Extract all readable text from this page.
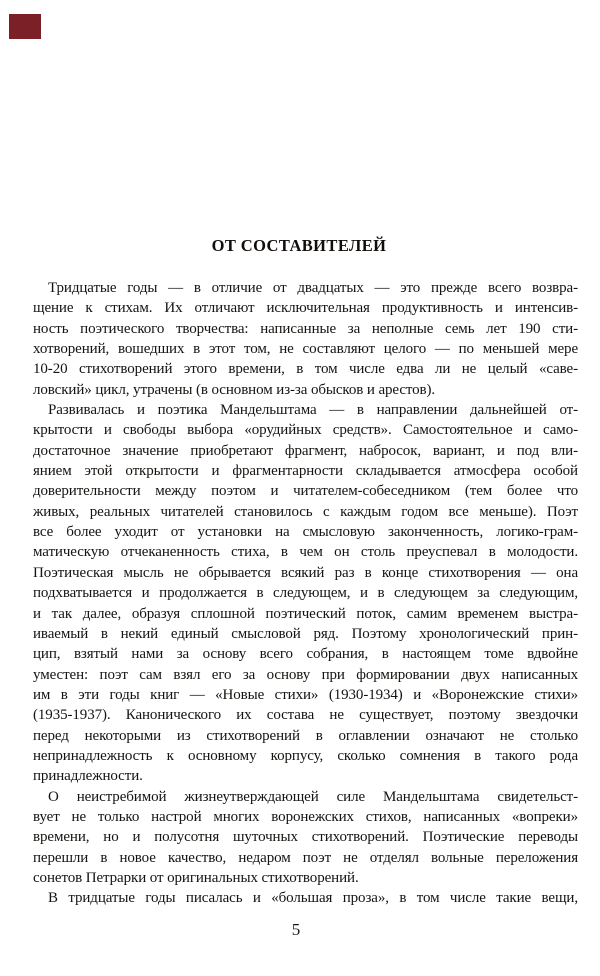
ОТ СОСТАВИТЕЛЕЙ
Тридцатые годы — в отличие от двадцатых — это прежде всего возвра-
щение к стихам. Их отличают исключительная продуктивность и интенсив-
ность поэтического творчества: написанные за неполные семь лет 190 сти-
хотворений, вошедших в этот том, не составляют целого — по меньшей мере
10-20 стихотворений этого времени, в том числе едва ли не целый «саве-
ловский» цикл, утрачены (в основном из-за обысков и арестов).
Развивалась и поэтика Мандельштама — в направлении дальнейшей от-
крытости и свободы выбора «орудийных средств». Самостоятельное и само-
достаточное значение приобретают фрагмент, набросок, вариант, и под вли-
янием этой открытости и фрагментарности складывается атмосфера особой
доверительности между поэтом и читателем-собеседником (тем более что
живых, реальных читателей становилось с каждым годом все меньше). Поэт
все более уходит от установки на смысловую законченность, логико-грам-
матическую отчеканенность стиха, в чем он столь преуспевал в молодости.
Поэтическая мысль не обрывается всякий раз в конце стихотворения — она
подхватывается и продолжается в следующем, и в следующем за следующим,
и так далее, образуя сплошной поэтический поток, самим временем выстра-
иваемый в некий единый смысловой ряд. Поэтому хронологический прин-
цип, взятый нами за основу всего собрания, в настоящем томе вдвойне
уместен: поэт сам взял его за основу при формировании двух написанных
им в эти годы книг — «Новые стихи» (1930-1934) и «Воронежские стихи»
(1935-1937). Канонического их состава не существует, поэтому звездочки
перед некоторыми из стихотворений в оглавлении означают не столько
непринадлежность к основному корпусу, сколько сомнения в такого рода
принадлежности.
О неистребимой жизнеутверждающей силе Мандельштама свидетельст-
вует не только настрой многих воронежских стихов, написанных «вопреки»
времени, но и полусотня шуточных стихотворений. Поэтические переводы
перешли в новое качество, недаром поэт не отделял вольные переложения
сонетов Петрарки от оригинальных стихотворений.
В тридцатые годы писалась и «большая проза», в том числе такие вещи,
5
